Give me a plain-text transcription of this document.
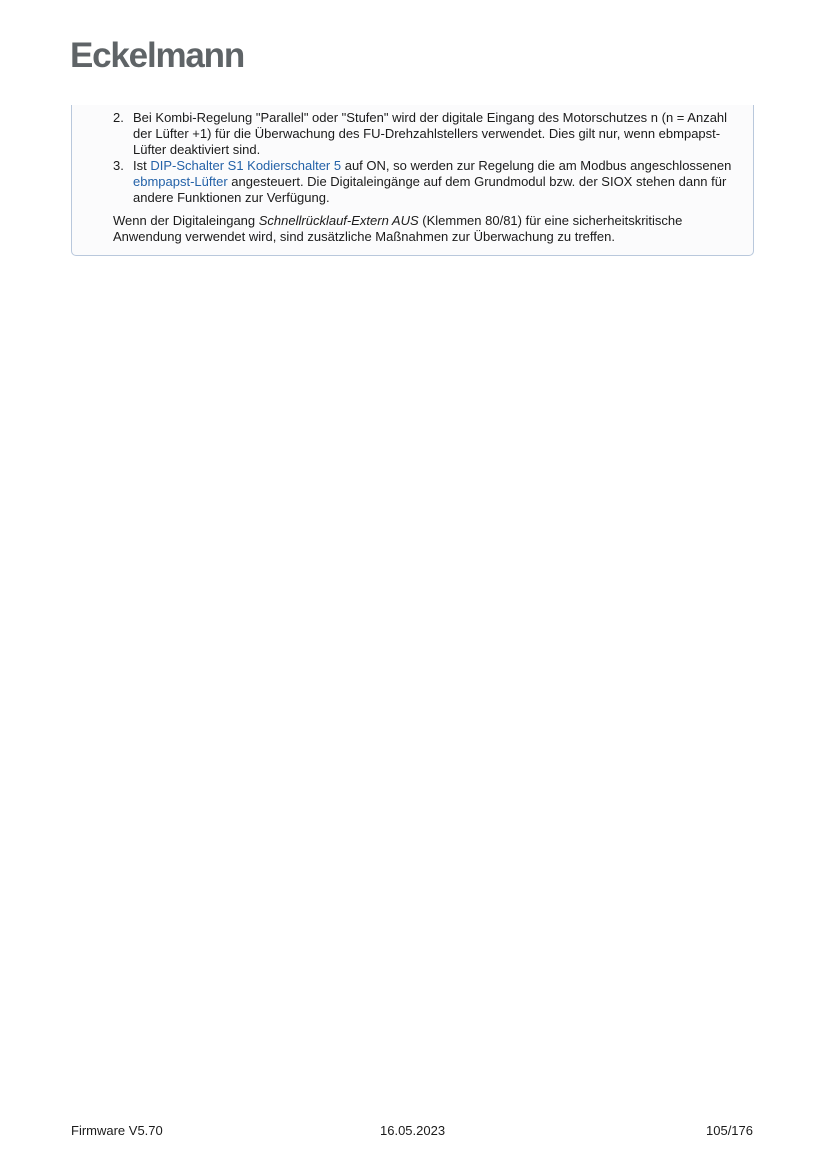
Eckelmann
2. Bei Kombi-Regelung "Parallel" oder "Stufen" wird der digitale Eingang des Motorschutzes n (n = Anzahl der Lüfter +1) für die Überwachung des FU-Drehzahlstellers verwendet. Dies gilt nur, wenn ebmpapst-Lüfter deaktiviert sind.
3. Ist DIP-Schalter S1 Kodierschalter 5 auf ON, so werden zur Regelung die am Modbus angeschlossenen ebmpapst-Lüfter angesteuert. Die Digitaleingänge auf dem Grundmodul bzw. der SIOX stehen dann für andere Funktionen zur Verfügung.
Wenn der Digitaleingang Schnellrücklauf-Extern AUS (Klemmen 80/81) für eine sicherheitskritische Anwendung verwendet wird, sind zusätzliche Maßnahmen zur Überwachung zu treffen.
Firmware V5.70	16.05.2023	105/176
